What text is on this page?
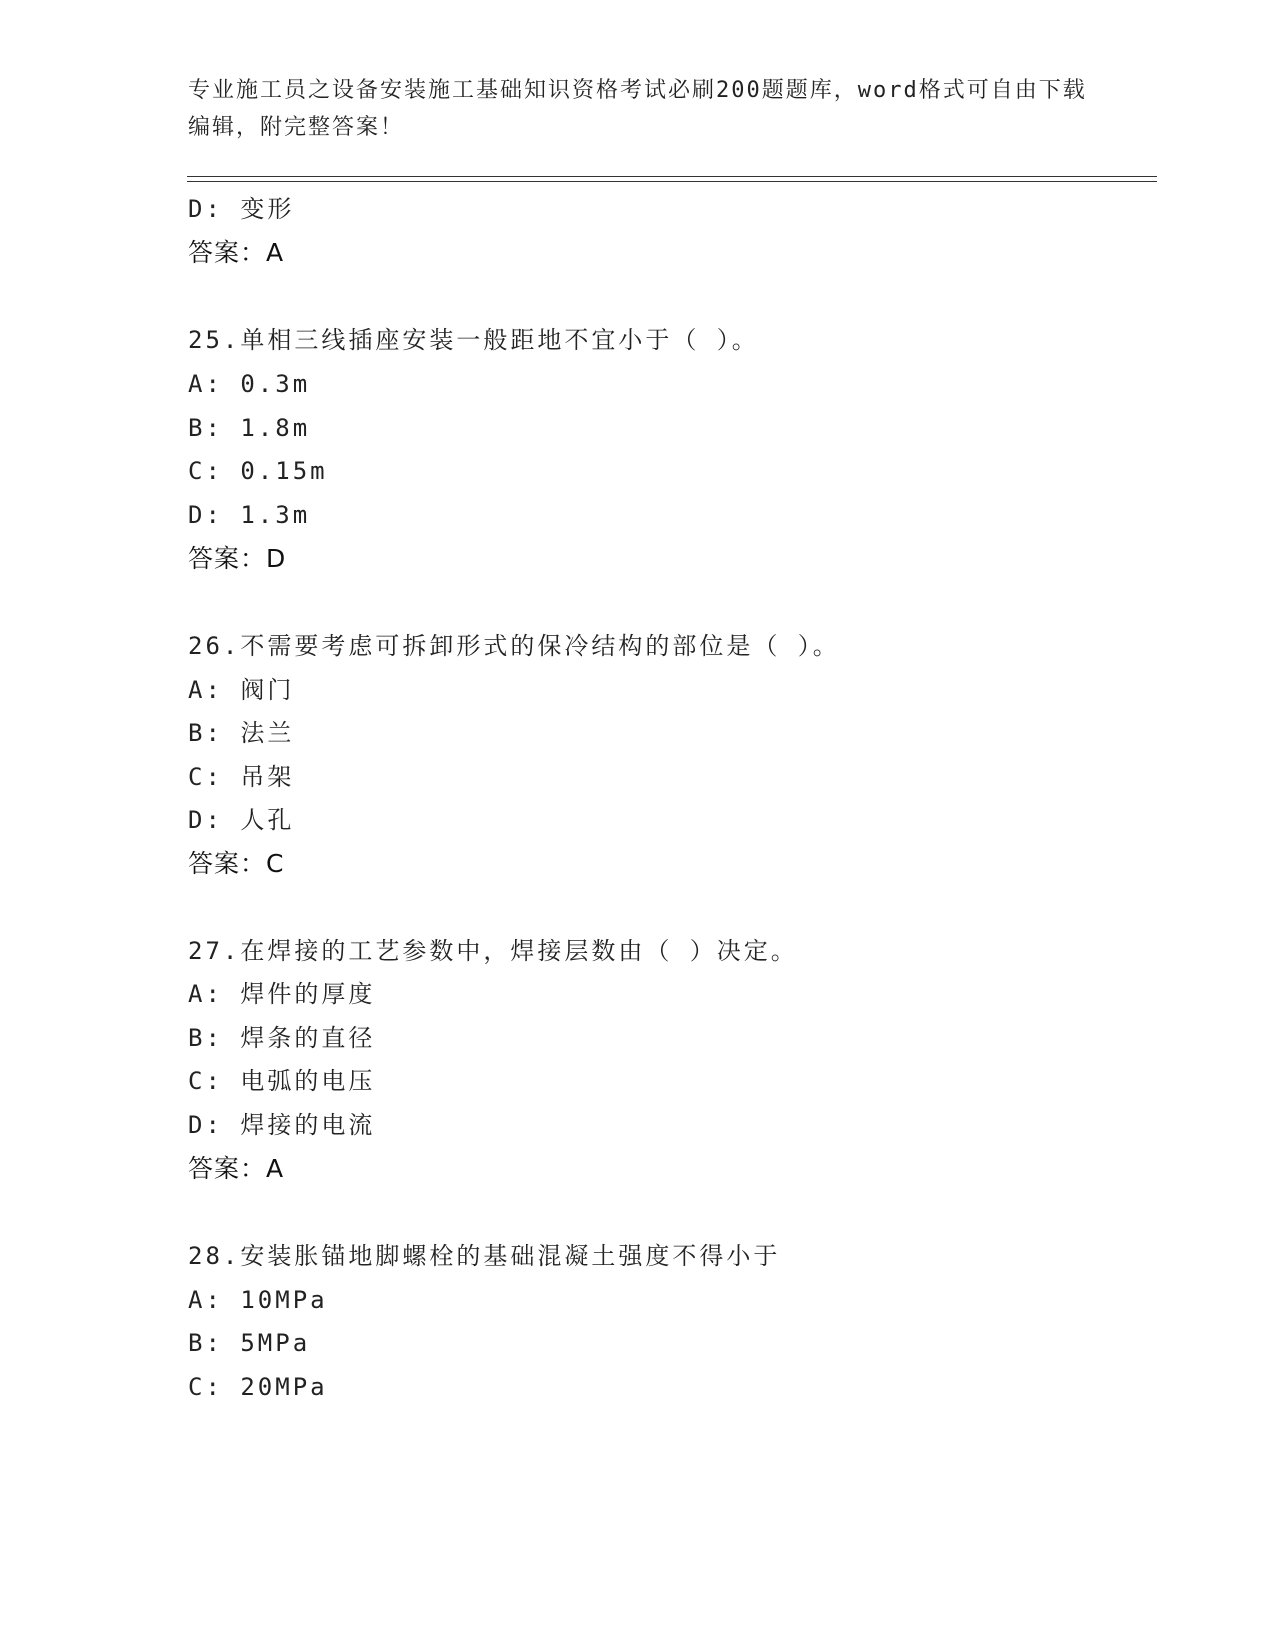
专业施工员之设备安装施工基础知识资格考试必刷200题题库，word格式可自由下载编辑，附完整答案！
D: 变形
答案：A
25.单相三线插座安装一般距地不宜小于（ ）。
A: 0.3m
B: 1.8m
C: 0.15m
D: 1.3m
答案：D
26.不需要考虑可拆卸形式的保冷结构的部位是（ ）。
A: 阀门
B: 法兰
C: 吊架
D: 人孔
答案：C
27.在焊接的工艺参数中，焊接层数由（ ）决定。
A: 焊件的厚度
B: 焊条的直径
C: 电弧的电压
D: 焊接的电流
答案：A
28.安装胀锚地脚螺栓的基础混凝土强度不得小于
A: 10MPa
B: 5MPa
C: 20MPa
